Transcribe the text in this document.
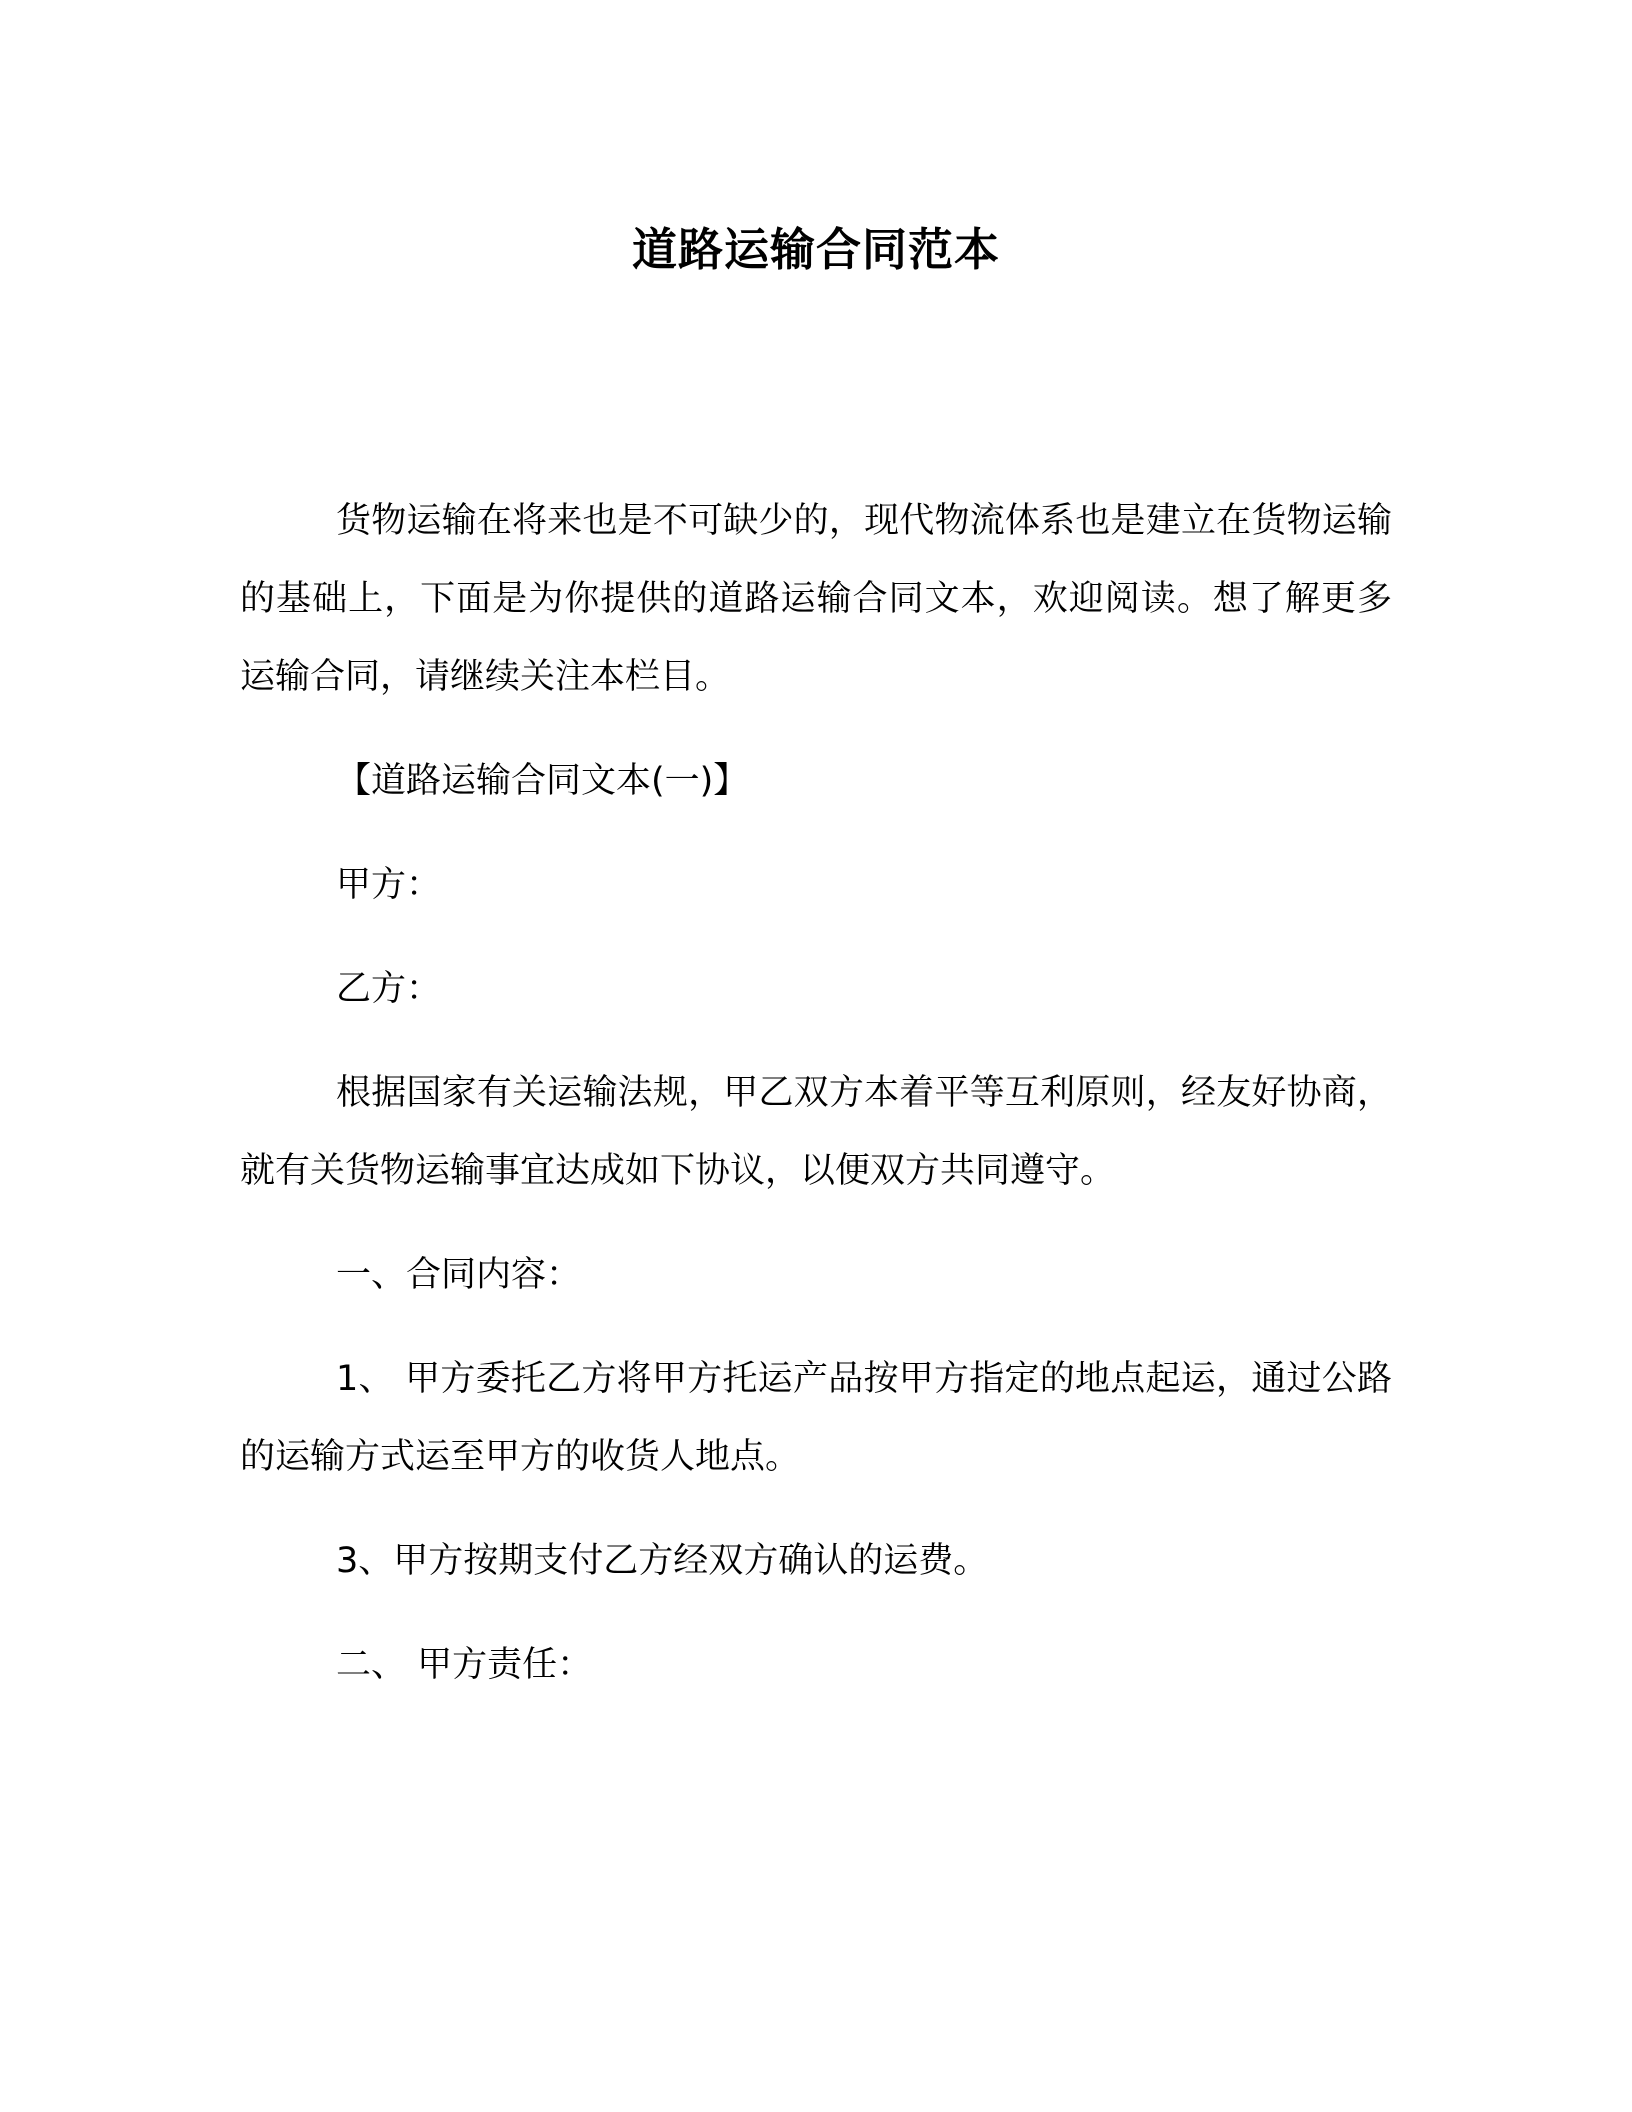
道路运输合同范本

货物运输在将来也是不可缺少的，现代物流体系也是建立在货物运输的基础上，下面是为你提供的道路运输合同文本，欢迎阅读。想了解更多运输合同，请继续关注本栏目。

【道路运输合同文本(一)】

甲方：

乙方：

根据国家有关运输法规，甲乙双方本着平等互利原则，经友好协商，就有关货物运输事宜达成如下协议，以便双方共同遵守。

一、合同内容：

1、 甲方委托乙方将甲方托运产品按甲方指定的地点起运，通过公路的运输方式运至甲方的收货人地点。

3、甲方按期支付乙方经双方确认的运费。

二、 甲方责任：
